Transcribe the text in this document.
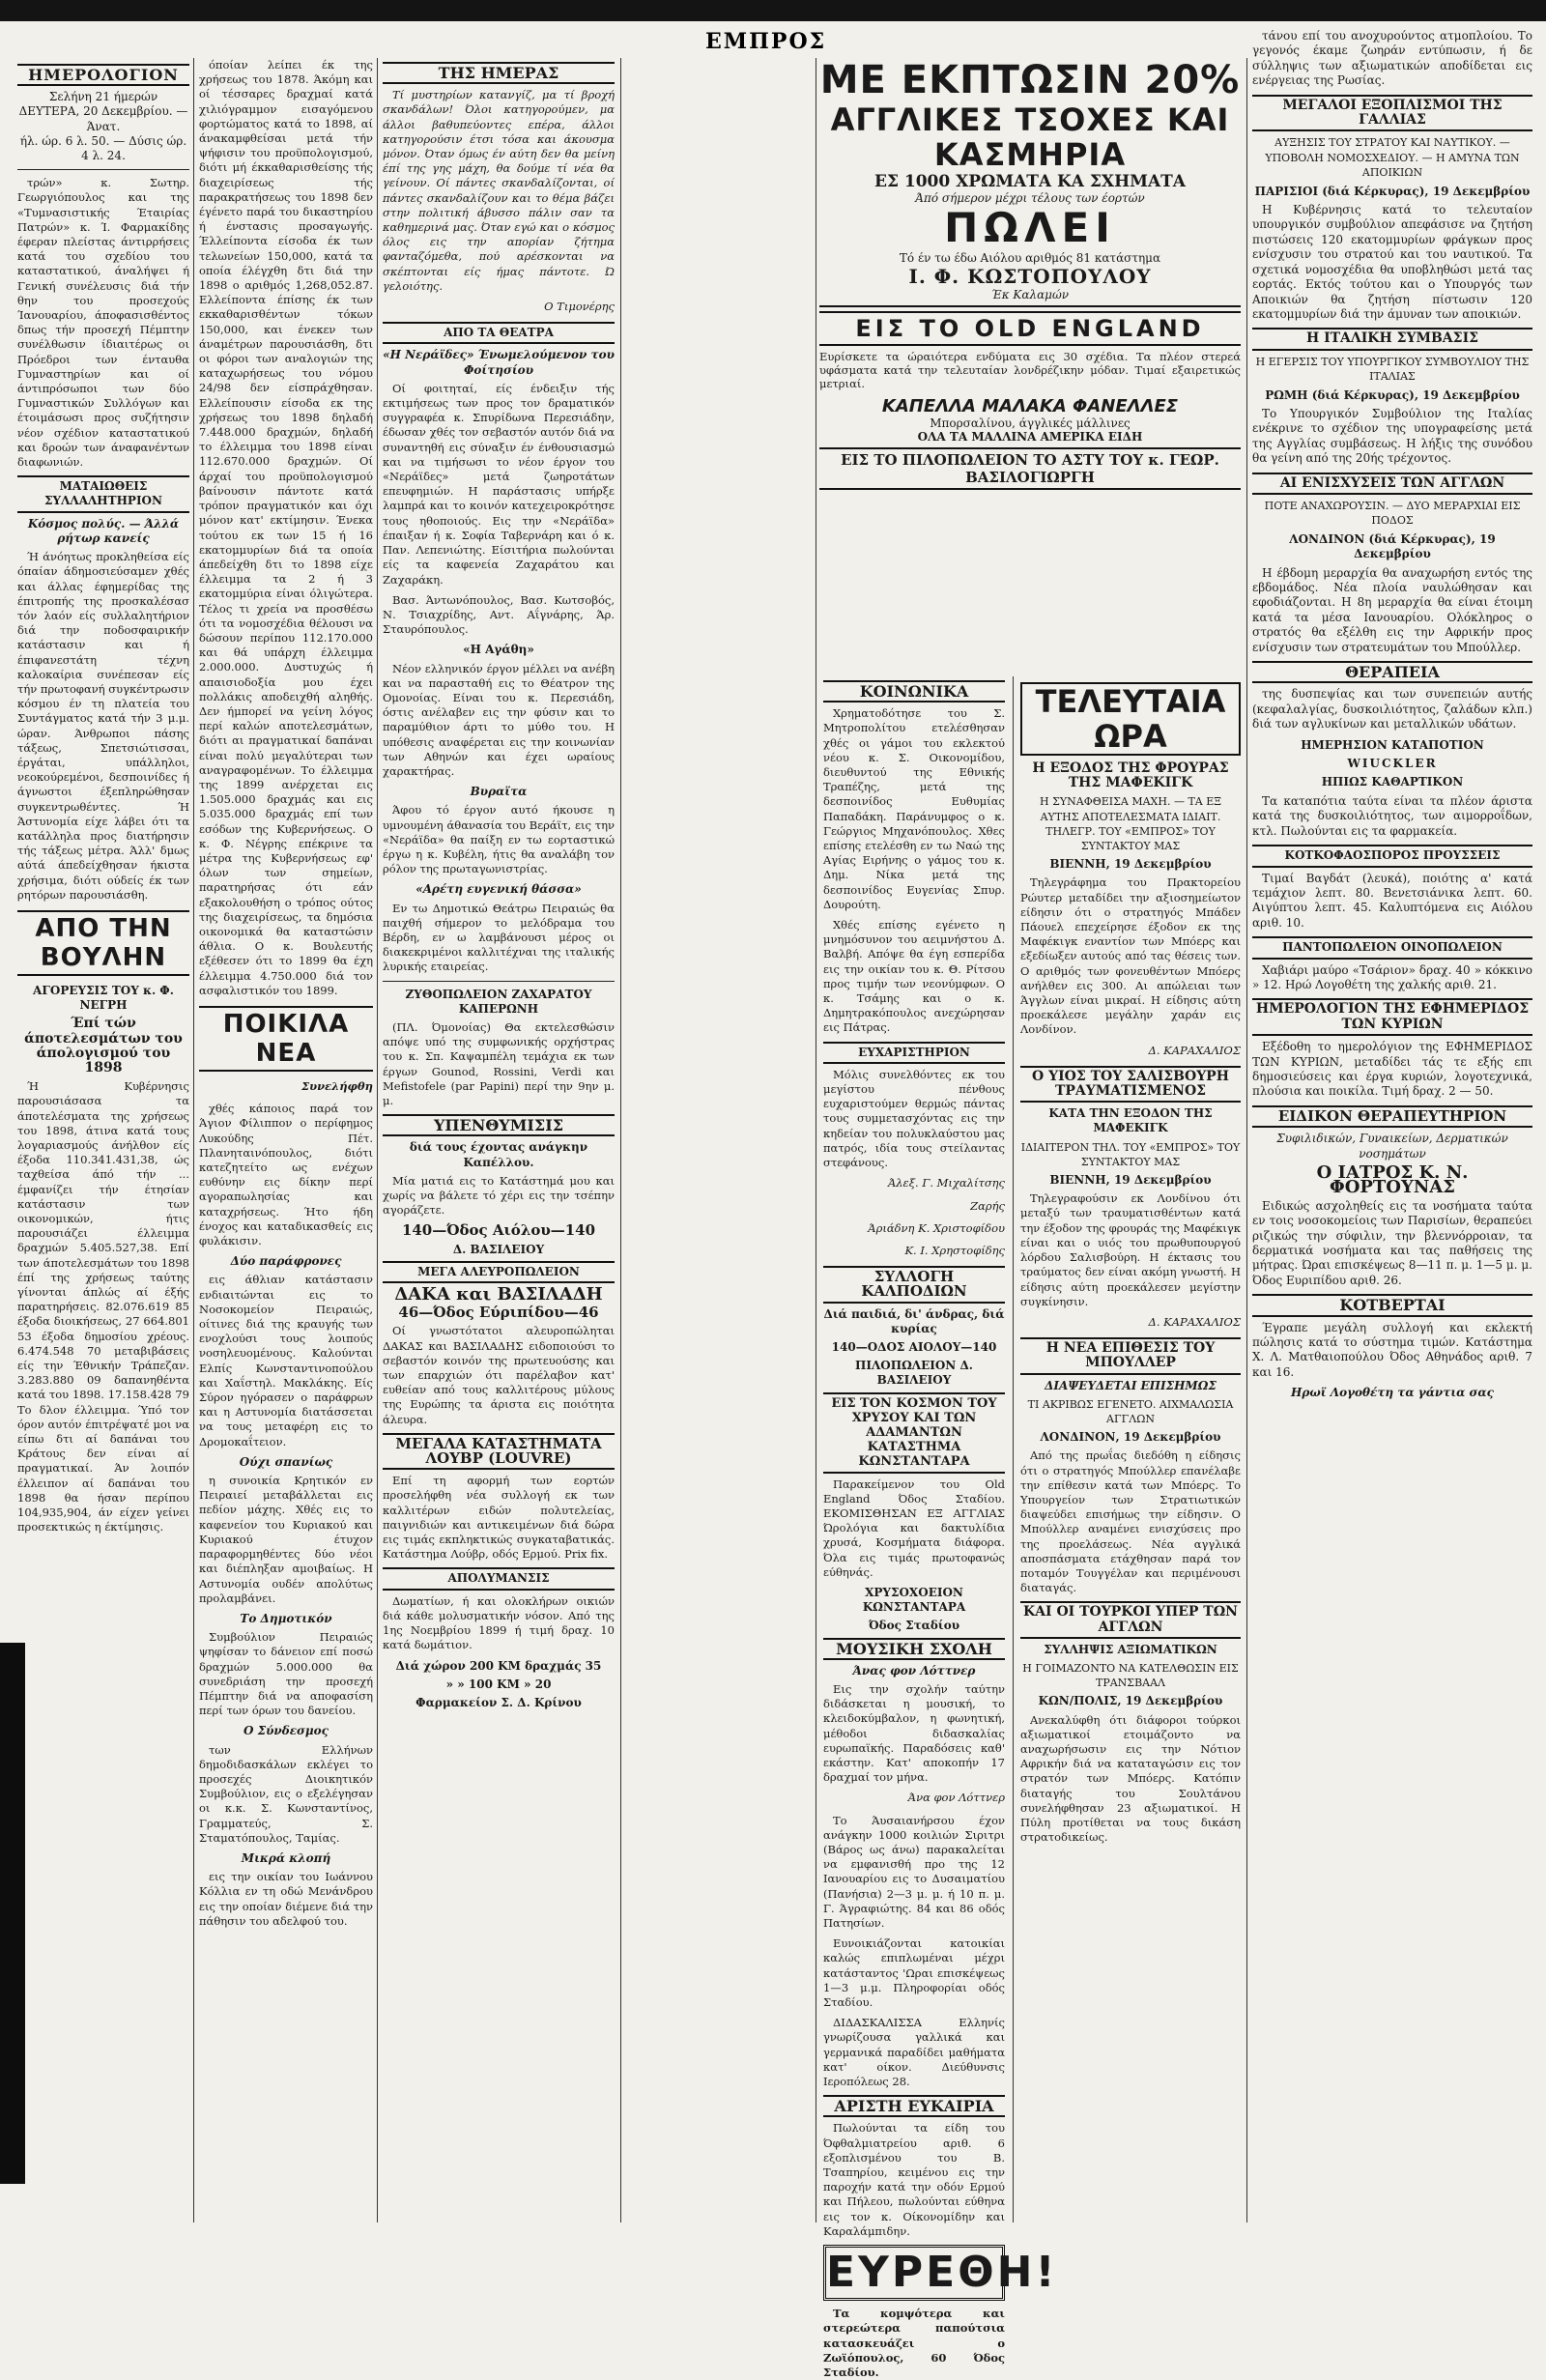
ΕΜΠΡΟΣ
ΗΜΕΡΟΛΟΓΙΟΝ
Σελήνη 21 ήμερών
ΔΕΥΤΕΡΑ, 20 Δεκεμβρίου. — Άνατ.
ήλ. ώρ. 6 λ. 50. — Δύσις ώρ. 4 λ. 24.

τρών» κ. Σωτηρ. Γεωργιόπουλος και της «Τυμνασιστικής Έταιρίας Πατρών» κ. Ί. Φαρμακίδης έφεραν πλείστας άντιρρήσεις κατά του σχεδίου του καταστατικού, άναλήψει ή Γενική συνέλευσις διά τήν θην του προσεχούς Ίανουαρίου, άποφασισθέντος δπως τήν προσεχή Πέμπτην συνέλθωσιν ίδιαιτέρως οι Πρόεδροι των ένταυθα Γυμναστηρίων και οί άντιπρόσωποι των δύο Γυμναστικών Συλλόγων και έτοιμάσωσι προς συζήτησιν νέον σχέδιον καταστατικού και δροών των άναφανέντων διαφωνιών.

ΜΑΤΑΙΩΘΕΙΣ ΣΥΛΛΑΛΗΤΗΡΙΟΝ
Κόσμος πολύς. — Άλλά ρήτωρ κανείς

Ή άνόητως προκληθείσα είς όπαίαν άδημοσιεύσαμεν χθές και άλλας έφημερίδας της έπιτροπής της προσκαλέσασ τόν λαόν είς συλλαλητήριον διά την ποδοσφαιρικήν κατάστασιν και ή έπιφανεστάτη τέχνη καλοκαίρια συνέπεσαν είς τήν πρωτοφανή συγκέντρωσιν κόσμου έν τη πλατεία του Συντάγματος κατά τήν 3 μ.μ. ώραν. Άνθρωποι πάσης τάξεως, Σπετσιώτισσαι, έργάται, υπάλληλοι, νεοκούρεμένοι, δεσποινίδες ή άγνωστοι έξεπληρώθησαν συγκεντρωθέντες. Ή Άστυνομία είχε λάβει ότι τα κατάλληλα προς διατήρησιν τής τάξεως μέτρα. Άλλ' δμως αύτά άπεδείχθησαν ήκιστα χρήσιμα, διότι ούδείς έκ των ρητόρων παρουσιάσθη.

ΑΠΟ ΤΗΝ ΒΟΥΛΗΝ
ΑΓΟΡΕΥΣΙΣ ΤΟΥ κ. Φ. ΝΕΓΡΗ
Έπί τών άποτελεσμάτων του άπολογισμού του 1898

Ή Κυβέρνησις παρουσιάσασα τα άποτελέσματα της χρήσεως του 1898, άτινα κατά τους λογαριασμούς άνήλθον είς έξοδα 110.341.431,38, ώς ταχθείσα άπό τήν ... έμφανίζει τήν έτησίαν κατάστασιν των οικονομικών, ήτις παρουσιάζει έλλειμμα δραχμών 5.405.527,38. Επί των άποτελεσμάτων του 1898 έπί της χρήσεως ταύτης γίνονται άπλώς αί έξής παρατηρήσεις. 82.076.619 85 έξοδα διοικήσεως, 27 664.801 53 έξοδα δημοσίου χρέους. 6.474.548 70 μεταβιβάσεις είς την Έθνικήν Τράπεζαν. 3.283.880 09 δαπανηθέντα κατά του 1898. 17.158.428 79 Το δλον έλλειμμα. Ύπό τον όρον αυτόν έπιτρέψατέ μοι να είπω δτι αί δαπάναι του Κράτους δεν είναι αί πραγματικαί. Άν λοιπόν έλλειπον αί δαπάναι του 1898 θα ήσαν περίπου 104,935,904, άν είχεν γείνει προσεκτικώς η έκτίμησις.

όποίαν λείπει έκ της χρήσεως του 1878. Άκόμη και οί τέσσαρες δραχμαί κατά χιλιόγραμμον εισαγόμενου φορτώματος κατά το 1898, αί άνακαμφθείσαι μετά τήν ψήφισιν του προϋπολογισμού, διότι μή έκκαθαρισθείσης τής διαχειρίσεως τής παρακρατήσεως του 1898 δεν έγένετο παρά του δικαστηρίου ή ένστασις προσαγωγής. Έλλείποντα είσοδα έκ των τελωνείων 150,000, κατά τα οποία έλέγχθη δτι διά την 1898 ο αριθμός 1,268,052.87. Ελλείποντα έπίσης έκ των εκκαθαρισθέντων τόκων 150,000, και ένεκεν των άναμέτρων παρουσιάσθη, δτι οι φόροι των αναλογιών της καταχωρήσεως του νόμου 24/98 δεν είσπράχθησαν. Ελλείπουσιν είσοδα εκ της χρήσεως του 1898 δηλαδή 7.448.000 δραχμών, δηλαδή το έλλειμμα του 1898 είναι 112.670.000 δραχμών. Οί άρχαί του προϋπολογισμού βαίνουσιν πάντοτε κατά τρόπον πραγματικόν και όχι μόνον κατ' εκτίμησιν. Ένεκα τούτου εκ των 15 ή 16 εκατομμυρίων διά τα οποία άπεδείχθη δτι το 1898 είχε έλλειμμα τα 2 ή 3 εκατομμύρια είναι όλιγώτερα. Τέλος τι χρεία να προσθέσω ότι τα νομοσχέδια θέλουσι να δώσουν περίπου 112.170.000 και θά υπάρχη έλλειμμα 2.000.000. Δυστυχώς ή απαισιοδοξία μου έχει πολλάκις αποδειχθή αληθής. Δεν ήμπορεί να γείνη λόγος περί καλών αποτελεσμάτων, διότι αι πραγματικαί δαπάναι είναι πολύ μεγαλύτεραι των αναγραφομένων. Το έλλειμμα της 1899 ανέρχεται εις 1.505.000 δραχμάς και εις 5.035.000 δραχμάς επί των εσόδων της Κυβερνήσεως. Ο κ. Φ. Νέγρης επέκρινε τα μέτρα της Κυβερνήσεως εφ' όλων των σημείων, παρατηρήσας ότι εάν εξακολουθήση ο τρόπος ούτος της διαχειρίσεως, τα δημόσια οικονομικά θα καταστώσιν άθλια. Ο κ. Βουλευτής εξέθεσεν ότι το 1899 θα έχη έλλειμμα 4.750.000 διά τον ασφαλιστικόν του 1899.

ΠΟΙΚΙΛΑ ΝΕΑ
Συνελήφθη

χθές κάποιος παρά τον Άγιον Φίλιππον ο περίφημος Λυκούδης Πέτ. Πλανηταινόπουλος, διότι κατεζητείτο ως ενέχων ευθύνην εις δίκην περί αγοραπωλησίας και καταχρήσεως. Ήτο ήδη ένοχος και καταδικασθείς εις φυλάκισιν.

Δύο παράφρονες

εις άθλιαν κατάστασιν ενδιαιτώνται εις το Νοσοκομείον Πειραιώς, οίτινες διά της κραυγής των ενοχλούσι τους λοιπούς νοσηλευομένους. Καλούνται Ελπίς Κωνσταντινοπούλου και Χαΐστηλ. Μακλάκης. Είς Σύρον ηγόρασεν ο παράφρων και η Αστυνομία διατάσσεται να τους μεταφέρη εις το Δρομοκαΐτειον.

Ούχι σπανίως

η συνοικία Κρητικόν εν Πειραιεί μεταβάλλεται εις πεδίον μάχης. Χθές εις το καφενείον του Κυριακού και Κυριακού έτυχον παραφορμηθέντες δύο νέοι και διέπληξαν αμοιβαίως. Η Αστυνομία ουδέν απολύτως προλαμβάνει.

Το Δημοτικόν

Συμβούλιον Πειραιώς ψηφίσαν το δάνειον επί ποσώ δραχμών 5.000.000 θα συνεδριάση την προσεχή Πέμπτην διά να αποφασίση περί των όρων του δανείου.

Ο Σύνδεσμος

των Ελλήνων δημοδιδασκάλων εκλέγει το προσεχές Διοικητικόν Συμβούλιον, εις ο εξελέγησαν οι κ.κ. Σ. Κωνσταντίνος, Γραμματεύς, Σ. Σταματόπουλος, Ταμίας.

Μικρά κλοπή

εις την οικίαν του Ιωάννου Κόλλια εν τη οδώ Μενάνδρου εις την οποίαν διέμενε διά την πάθησιν του αδελφού του.

ΤΗΣ ΗΜΕΡΑΣ

Τί μυστηρίων κατανγίζ, μα τί βροχή σκανδάλων! Όλοι κατηγορούμεν, μα άλλοι βαθυπεύοντες επέρα, άλλοι κατηγορούσιν έτσι τόσα και άκουσμα μόνον. Όταν όμως έν αύτη δεν θα μείνη έπί της γης μάχη, θα δούμε τί νέα θα γείνουν. Οί πάντες σκανδαλίζονται, οί πάντες σκανδαλίζουν και το θέμα βάζει στην πολιτική άβυσσο πάλιν σαν τα καθημερινά μας. Όταν εγώ και ο κόσμος όλος εις την απορίαν ζήτημα φανταζόμεθα, πού αρέσκονται να σκέπτονται είς ήμας πάντοτε. Ώ γελοιότης.

Ο Τιμονέρης
ΑΠΟ ΤΑ ΘΕΑΤΡΑ
«Η Νεράϊδες» Ένωμελούμενον του Φοίτησίου

Οί φοιτηταί, είς ένδειξιν τής εκτιμήσεως των προς τον δραματικόν συγγραφέα κ. Σπυρίδωνα Περεσιάδην, έδωσαν χθές τον σεβαστόν αυτόν διά να συναντηθή εις σύναξιν έν ένθουσιασμώ και να τιμήσωσι το νέον έργον του «Νεράϊδες» μετά ζωηροτάτων επευφημιών. Η παράστασις υπήρξε λαμπρά και το κοινόν κατεχειροκρότησε τους ηθοποιούς. Εις την «Νεράϊδα» έπαιξαν ή κ. Σοφία Ταβερνάρη και ό κ. Παν. Λεπενιώτης. Είσιτήρια πωλούνται είς τα καφενεία Ζαχαράτου και Ζαχαράκη.

Βασ. Άντωνόπουλος, Βασ. Κωτσοβός, Ν. Τσιαχρίδης, Αντ. Αΐγνάρης, Άρ. Σταυρόπουλος.

«Η Αγάθη»

Νέον ελληνικόν έργον μέλλει να ανέβη και να παρασταθή εις το Θέατρον της Ομονοίας. Είναι του κ. Περεσιάδη, όστις ανέλαβεν εις την φύσιν και το παραμύθιον άρτι το μύθο του. Η υπόθεσις αναφέρεται εις την κοινωνίαν των Αθηνών και έχει ωραίους χαρακτήρας.

Βυραϊτα

Άφου τό έργον αυτό ήκουσε η υμνουμένη άθανασία του Βεράϊτ, εις την «Νεράϊδα» θα παίξη εν τω εορταστικώ έργω η κ. Κυβέλη, ήτις θα αναλάβη τον ρόλον της πρωταγωνιστρίας.

«Αρέτη ευγενική θάσσα»

Εν τω Δημοτικώ Θεάτρω Πειραιώς θα παιχθή σήμερον το μελόδραμα του Βέρδη, εν ω λαμβάνουσι μέρος οι διακεκριμένοι καλλιτέχναι της ιταλικής λυρικής εταιρείας.

ΖΥΘΟΠΩΛΕΙΟΝ ΖΑΧΑΡΑΤΟΥ ΚΑΠΕΡΩΝΗ

(ΠΛ. Όμονοίας) Θα εκτελεσθώσιν απόψε υπό της συμφωνικής ορχήστρας του κ. Σπ. Καψαμπέλη τεμάχια εκ των έργων Gounod, Rossini, Verdi και Mefistofele (par Papini) περί την 9ην μ. μ.

ΥΠΕΝΘΥΜΙΣΙΣ
διά τους έχοντας ανάγκην Καπέλλου.

Μία ματιά εις το Κατάστημά μου και χωρίς να βάλετε τό χέρι εις την τσέπην αγοράζετε.

140—Όδος Αιόλου—140
Δ. ΒΑΣΙΛΕΙΟΥ
ΜΕΓΑ ΑΛΕΥΡΟΠΩΛΕΙΟΝ
ΔΑΚΑ και ΒΑΣΙΛΑΔΗ
46—Όδος Εύριπίδου—46

Οί γνωστότατοι αλευροπώληται ΔΑΚΑΣ και ΒΑΣΙΛΑΔΗΣ ειδοποιούσι το σεβαστόν κοινόν της πρωτευούσης και των επαρχιών ότι παρέλαβον κατ' ευθείαν από τους καλλιτέρους μύλους της Ευρώπης τα άριστα εις ποιότητα άλευρα.

ΜΕΓΑΛΑ ΚΑΤΑΣΤΗΜΑΤΑ ΛΟΥΒΡ (LOUVRE)

Επί τη αφορμή των εορτών προσελήφθη νέα συλλογή εκ των καλλιτέρων ειδών πολυτελείας, παιγνιδιών και αντικειμένων διά δώρα εις τιμάς εκπληκτικώς συγκαταβατικάς. Κατάστημα Λούβρ, οδός Ερμού. Prix fix.

ΑΠΟΛΥΜΑΝΣΙΣ

Δωματίων, ή και ολοκλήρων οικιών διά κάθε μολυσματικήν νόσον. Από της 1ης Νοεμβρίου 1899 ή τιμή δραχ. 10 κατά δωμάτιον.

Διά χώρον 200 ΚΜ δραχμάς 35
» » 100 ΚΜ » 20
Φαρμακείον Σ. Δ. Κρίνου
ΜΕ ΕΚΠΤΩΣΙΝ 20%
ΑΓΓΛΙΚΕΣ ΤΣΟΧΕΣ ΚΑΙ ΚΑΣΜΗΡΙΑ
ΕΣ 1000 ΧΡΩΜΑΤΑ ΚΑ ΣΧΗΜΑΤΑ
Άπό σήμερον μέχρι τέλους των έορτών
ΠΩΛΕΙ
Τό έν τω έδω Αιόλου αριθμός 81 κατάστημα
Ι. Φ. ΚΩΣΤΟΠΟΥΛΟΥ
Έκ Καλαμών
ΕΙΣ ΤΟ OLD ENGLAND
Ευρίσκετε τα ώραιότερα ενδύματα εις 30 σχέδια. Τα πλέον στερεά υφάσματα κατά την τελευταίαν λονδρέζικην μόδαν. Τιμαί εξαιρετικώς μετριαί.
ΚΑΠΕΛΛΑ ΜΑΛΑΚΑ ΦΑΝΕΛΛΕΣ
Μπορσαλίνου, άγγλικές μάλλινες
ΟΛΑ ΤΑ ΜΑΛΛΙΝΑ ΑΜΕΡΙΚΑ ΕΙΔΗ
ΕΙΣ ΤΟ ΠΙΛΟΠΩΛΕΙΟΝ ΤΟ ΑΣΤΥ ΤΟΥ κ. ΓΕΩΡ. ΒΑΣΙΛΟΓΙΩΡΓΗ
ΚΟΙΝΩΝΙΚΑ

Χρηματοδότησε του Σ. Μητροπολίτου ετελέσθησαν χθές οι γάμοι του εκλεκτού νέου κ. Σ. Οικονομίδου, διευθυντού της Εθνικής Τραπέζης, μετά της δεσποινίδος Ευθυμίας Παπαδάκη. Παράνυμφος ο κ. Γεώργιος Μηχανόπουλος. Χθες επίσης ετελέσθη εν τω Ναώ της Αγίας Ειρήνης ο γάμος του κ. Δημ. Νίκα μετά της δεσποινίδος Ευγενίας Σπυρ. Δουρούτη.

Χθές επίσης εγένετο η μνημόσυνον του αειμνήστου Δ. Βαλβή. Απόψε θα έγη εσπερίδα εις την οικίαν του κ. Θ. Ρίτσου προς τιμήν των νεονύμφων. Ο κ. Τσάμης και ο κ. Δημητρακόπουλος ανεχώρησαν εις Πάτρας.

ΕΥΧΑΡΙΣΤΗΡΙΟΝ

Μόλις συνελθόντες εκ του μεγίστου πένθους ευχαριστούμεν θερμώς πάντας τους συμμετασχόντας εις την κηδείαν του πολυκλαύστου μας πατρός, ιδία τους στείλαντας στεφάνους.

Άλεξ. Γ. Μιχαλίτσης
Ζαρής
Άριάδνη Κ. Χριστοφίδου
Κ. Ι. Χρηστοφίδης
ΣΥΛΛΟΓΗ ΚΑΛΠΟΔΙΩΝ
Διά παιδιά, δι' άνδρας, διά κυρίας
140—ΟΔΟΣ ΑΙΟΛΟΥ—140
ΠΙΛΟΠΩΛΕΙΟΝ Δ. ΒΑΣΙΛΕΙΟΥ
ΕΙΣ ΤΟΝ ΚΟΣΜΟΝ ΤΟΥ ΧΡΥΣΟΥ ΚΑΙ ΤΩΝ ΑΔΑΜΑΝΤΩΝ ΚΑΤΑΣΤΗΜΑ ΚΩΝΣΤΑΝΤΑΡΑ

Παρακείμενον του Old England Όδος Σταδίου. ΕΚΟΜΙΣΘΗΣΑΝ ΕΞ ΑΓΓΛΙΑΣ Ώρολόγια και δακτυλίδια χρυσά, Κοσμήματα διάφορα. Όλα εις τιμάς πρωτοφανώς εύθηνάς.

ΧΡΥΣΟΧΟΕΙΟΝ ΚΩΝΣΤΑΝΤΑΡΑ
Όδος Σταδίου
ΜΟΥΣΙΚΗ ΣΧΟΛΗ
Άνας φον Λόττνερ

Εις την σχολήν ταύτην διδάσκεται η μουσική, το κλειδοκύμβαλον, η φωνητική, μέθοδοι διδασκαλίας ευρωπαϊκής. Παραδόσεις καθ' εκάστην. Κατ' αποκοπήν 17 δραχμαί τον μήνα.

Άνα φον Λόττνερ

Το Άυσαιανήρσου έχον ανάγκην 1000 κοιλιών Σιριτρι (Βάρος ως άνω) παρακαλείται να εμφανισθή προ της 12 Ιανουαρίου εις το Δυσαιματίου (Πανήσια) 2—3 μ. μ. ή 10 π. μ. Γ. Άγραφιώτης. 84 και 86 οδός Πατησίων.

Ευνοικιάζονται κατοικίαι καλώς επιπλωμέναι μέχρι κατάσταντος 'Ωραι επισκέψεως 1—3 μ.μ. Πληροφορίαι οδός Σταδίου.

ΔΙΔΑΣΚΑΛΙΣΣΑ Ελληνίς γνωρίζουσα γαλλικά και γερμανικά παραδίδει μαθήματα κατ' οίκον. Διεύθυνσις Ιεροπόλεως 28.

ΑΡΙΣΤΗ ΕΥΚΑΙΡΙΑ

Πωλούνται τα είδη του Όφθαλμιατρείου αριθ. 6 εξοπλισμένου του Β. Τσαπηρίου, κειμένου εις την παροχήν κατά την οδόν Ερμού και Πήλεου, πωλούνται εύθηνα εις τον κ. Οίκονομίδην και Καραλάμπιδην.

ΕΥΡΕΘΗ!

Τα κομψότερα και στερεώτερα παπούτσια κατασκευάζει ο Ζωϊόπουλος, 60 Όδος Σταδίου.

ΤΕΛΕΥΤΑΙΑ ΩΡΑ
Η ΕΞΟΔΟΣ ΤΗΣ ΦΡΟΥΡΑΣ ΤΗΣ ΜΑΦΕΚΙΓΚ
Η ΣΥΝΑΦΘΕΙΣΑ ΜΑΧΗ. — ΤΑ ΕΞ ΑΥΤΗΣ ΑΠΟΤΕΛΕΣΜΑΤΑ ΙΔΙΑΙΤ. ΤΗΛΕΓΡ. ΤΟΥ «ΕΜΠΡΟΣ» ΤΟΥ ΣΥΝΤΑΚΤΟΥ ΜΑΣ
ΒΙΕΝΝΗ, 19 Δεκεμβρίου

Τηλεγράφημα του Πρακτορείου Ρώυτερ μεταδίδει την αξιοσημείωτον είδησιν ότι ο στρατηγός Μπάδεν Πάουελ επεχείρησε έξοδον εκ της Μαφέκιγκ εναντίον των Μπόερς και εξεδίωξεν αυτούς από τας θέσεις των. Ο αριθμός των φονευθέντων Μπόερς ανήλθεν εις 300. Αι απώλειαι των Άγγλων είναι μικραί. Η είδησις αύτη προεκάλεσε μεγάλην χαράν εις Λονδίνον.

Δ. ΚΑΡΑΧΑΛΙΟΣ
Ο ΥΙΟΣ ΤΟΥ ΣΑΛΙΣΒΟΥΡΗ ΤΡΑΥΜΑΤΙΣΜΕΝΟΣ
ΚΑΤΑ ΤΗΝ ΕΞΟΔΟΝ ΤΗΣ ΜΑΦΕΚΙΓΚ
ΙΔΙΑΙΤΕΡΟΝ ΤΗΛ. ΤΟΥ «ΕΜΠΡΟΣ» ΤΟΥ ΣΥΝΤΑΚΤΟΥ ΜΑΣ
ΒΙΕΝΝΗ, 19 Δεκεμβρίου

Τηλεγραφούσιν εκ Λονδίνου ότι μεταξύ των τραυματισθέντων κατά την έξοδον της φρουράς της Μαφέκιγκ είναι και ο υιός του πρωθυπουργού λόρδου Σαλισβούρη. Η έκτασις του τραύματος δεν είναι ακόμη γνωστή. Η είδησις αύτη προεκάλεσεν μεγίστην συγκίνησιν.

Δ. ΚΑΡΑΧΑΛΙΟΣ
Η ΝΕΑ ΕΠΙΘΕΣΙΣ ΤΟΥ ΜΠΟΥΛΛΕΡ
ΔΙΑΨΕΥΔΕΤΑΙ ΕΠΙΣΗΜΩΣ
ΤΙ ΑΚΡΙΒΩΣ ΕΓΕΝΕΤΟ. ΑΙΧΜΑΛΩΣΙΑ ΑΓΓΛΩΝ
ΛΟΝΔΙΝΟΝ, 19 Δεκεμβρίου

Από της πρωΐας διεδόθη η είδησις ότι ο στρατηγός Μπούλλερ επανέλαβε την επίθεσιν κατά των Μπόερς. Το Υπουργείον των Στρατιωτικών διαψεύδει επισήμως την είδησιν. Ο Μπούλλερ αναμένει ενισχύσεις προ της προελάσεως. Νέα αγγλικά αποσπάσματα ετάχθησαν παρά τον ποταμόν Τουγγέλαν και περιμένουσι διαταγάς.

ΚΑΙ ΟΙ ΤΟΥΡΚΟΙ ΥΠΕΡ ΤΩΝ ΑΓΓΛΩΝ
ΣΥΛΛΗΨΙΣ ΑΞΙΩΜΑΤΙΚΩΝ
Η ΓΟΙΜΑΖΟΝΤΟ ΝΑ ΚΑΤΕΛΘΩΣΙΝ ΕΙΣ ΤΡΑΝΣΒΑΑΛ
ΚΩΝ/ΠΟΛΙΣ, 19 Δεκεμβρίου

Ανεκαλύφθη ότι διάφοροι τούρκοι αξιωματικοί ετοιμάζοντο να αναχωρήσωσιν εις την Νότιον Αφρικήν διά να καταταγώσιν εις τον στρατόν των Μπόερς. Κατόπιν διαταγής του Σουλτάνου συνελήφθησαν 23 αξιωματικοί. Η Πύλη προτίθεται να τους δικάση στρατοδικείως.

τάνου επί του ανοχυρούντος ατμοπλοίου. Το γεγονός έκαμε ζωηράν εντύπωσιν, ή δε σύλληψις των αξιωματικών αποδίδεται εις ενέργειας της Ρωσίας.

ΜΕΓΑΛΟΙ ΕΞΟΠΛΙΣΜΟΙ ΤΗΣ ΓΑΛΛΙΑΣ
ΑΥΞΗΣΙΣ ΤΟΥ ΣΤΡΑΤΟΥ ΚΑΙ ΝΑΥΤΙΚΟΥ. — ΥΠΟΒΟΛΗ ΝΟΜΟΣΧΕΔΙΟΥ. — Η ΑΜΥΝΑ ΤΩΝ ΑΠΟΙΚΙΩΝ
ΠΑΡΙΣΙΟΙ (διά Κέρκυρας), 19 Δεκεμβρίου

Η Κυβέρνησις κατά το τελευταίον υπουργικόν συμβούλιον απεφάσισε να ζητήση πιστώσεις 120 εκατομμυρίων φράγκων προς ενίσχυσιν του στρατού και του ναυτικού. Τα σχετικά νομοσχέδια θα υποβληθώσι μετά τας εορτάς. Εκτός τούτου και ο Υπουργός των Αποικιών θα ζητήση πίστωσιν 120 εκατομμυρίων διά την άμυναν των αποικιών.

Η ΙΤΑΛΙΚΗ ΣΥΜΒΑΣΙΣ
Η ΕΓΕΡΣΙΣ ΤΟΥ ΥΠΟΥΡΓΙΚΟΥ ΣΥΜΒΟΥΛΙΟΥ ΤΗΣ ΙΤΑΛΙΑΣ
ΡΩΜΗ (διά Κέρκυρας), 19 Δεκεμβρίου

Το Υπουργικόν Συμβούλιον της Ιταλίας ενέκρινε το σχέδιον της υπογραφείσης μετά της Αγγλίας συμβάσεως. Η λήξις της συνόδου θα γείνη από της 20ής τρέχοντος.

ΑΙ ΕΝΙΣΧΥΣΕΙΣ ΤΩΝ ΑΓΓΛΩΝ
ΠΟΤΕ ΑΝΑΧΩΡΟΥΣΙΝ. — ΔΥΟ ΜΕΡΑΡΧΙΑΙ ΕΙΣ ΠΟΔΟΣ
ΛΟΝΔΙΝΟΝ (διά Κέρκυρας), 19 Δεκεμβρίου

Η έβδομη μεραρχία θα αναχωρήση εντός της εβδομάδος. Νέα πλοία ναυλώθησαν και εφοδιάζονται. Η 8η μεραρχία θα είναι έτοιμη κατά τα μέσα Ιανουαρίου. Ολόκληρος ο στρατός θα εξέλθη εις την Αφρικήν προς ενίσχυσιν των στρατευμάτων του Μπούλλερ.

ΘΕΡΑΠΕΙΑ

της δυσπεψίας και των συνεπειών αυτής (κεφαλαλγίας, δυσκοιλιότητος, ζαλάδων κλπ.) διά των αγλυκίνων και μεταλλικών υδάτων.

ΗΜΕΡΗΣΙΟΝ ΚΑΤΑΠΟΤΙΟΝ
WIUCKLER
ΗΠΙΩΣ ΚΑΘΑΡΤΙΚΟΝ

Τα καταπότια ταύτα είναι τα πλέον άριστα κατά της δυσκοιλιότητος, των αιμορροΐδων, κτλ. Πωλούνται εις τα φαρμακεία.

ΚΟΤΚΟΦΑΟΣΠΟΡΟΣ ΠΡΟΥΣΣΕΙΣ

Τιμαί Βαγδάτ (λευκά), ποιότης α' κατά τεμάχιον λεπτ. 80. Βενετσιάνικα λεπτ. 60. Αιγύπτου λεπτ. 45. Καλυπτόμενα εις Αιόλου αριθ. 10.

ΠΑΝΤΟΠΩΛΕΙΟΝ ΟΙΝΟΠΩΛΕΙΟΝ

Χαβιάρι μαύρο «Τσάριον» δραχ. 40 » κόκκινο » 12. Ηρώ Λογοθέτη της χαλκής αριθ. 21.

ΗΜΕΡΟΛΟΓΙΟΝ ΤΗΣ ΕΦΗΜΕΡΙΔΟΣ ΤΩΝ ΚΥΡΙΩΝ

Εξέδοθη το ημερολόγιον της ΕΦΗΜΕΡΙΔΟΣ ΤΩΝ ΚΥΡΙΩΝ, μεταδίδει τάς τε εξής επι δημοσιεύσεις και έργα κυριών, λογοτεχνικά, πλούσια και ποικίλα. Τιμή δραχ. 2 — 50.

ΕΙΔΙΚΟΝ ΘΕΡΑΠΕΥΤΗΡΙΟΝ
Συφιλιδικών, Γυναικείων, Δερματικών νοσημάτων
Ο ΙΑΤΡΟΣ Κ. Ν. ΦΟΡΤΟΥΝΑΣ

Ειδικώς ασχοληθείς εις τα νοσήματα ταύτα εν τοις νοσοκομείοις των Παρισίων, θεραπεύει ριζικώς την σύφιλιν, την βλεννόρροιαν, τα δερματικά νοσήματα και τας παθήσεις της μήτρας. Ώραι επισκέψεως 8—11 π. μ. 1—5 μ. μ. Όδος Ευριπίδου αριθ. 26.

ΚΟΤΒΕΡΤΑΙ

Έγραπε μεγάλη συλλογή και εκλεκτή πώλησις κατά το σύστημα τιμών. Κατάστημα Χ. Λ. Ματθαιοπούλου Όδος Αθηνάδος αριθ. 7 και 16.

Ηρωϊ Λογοθέτη τα γάντια σας
